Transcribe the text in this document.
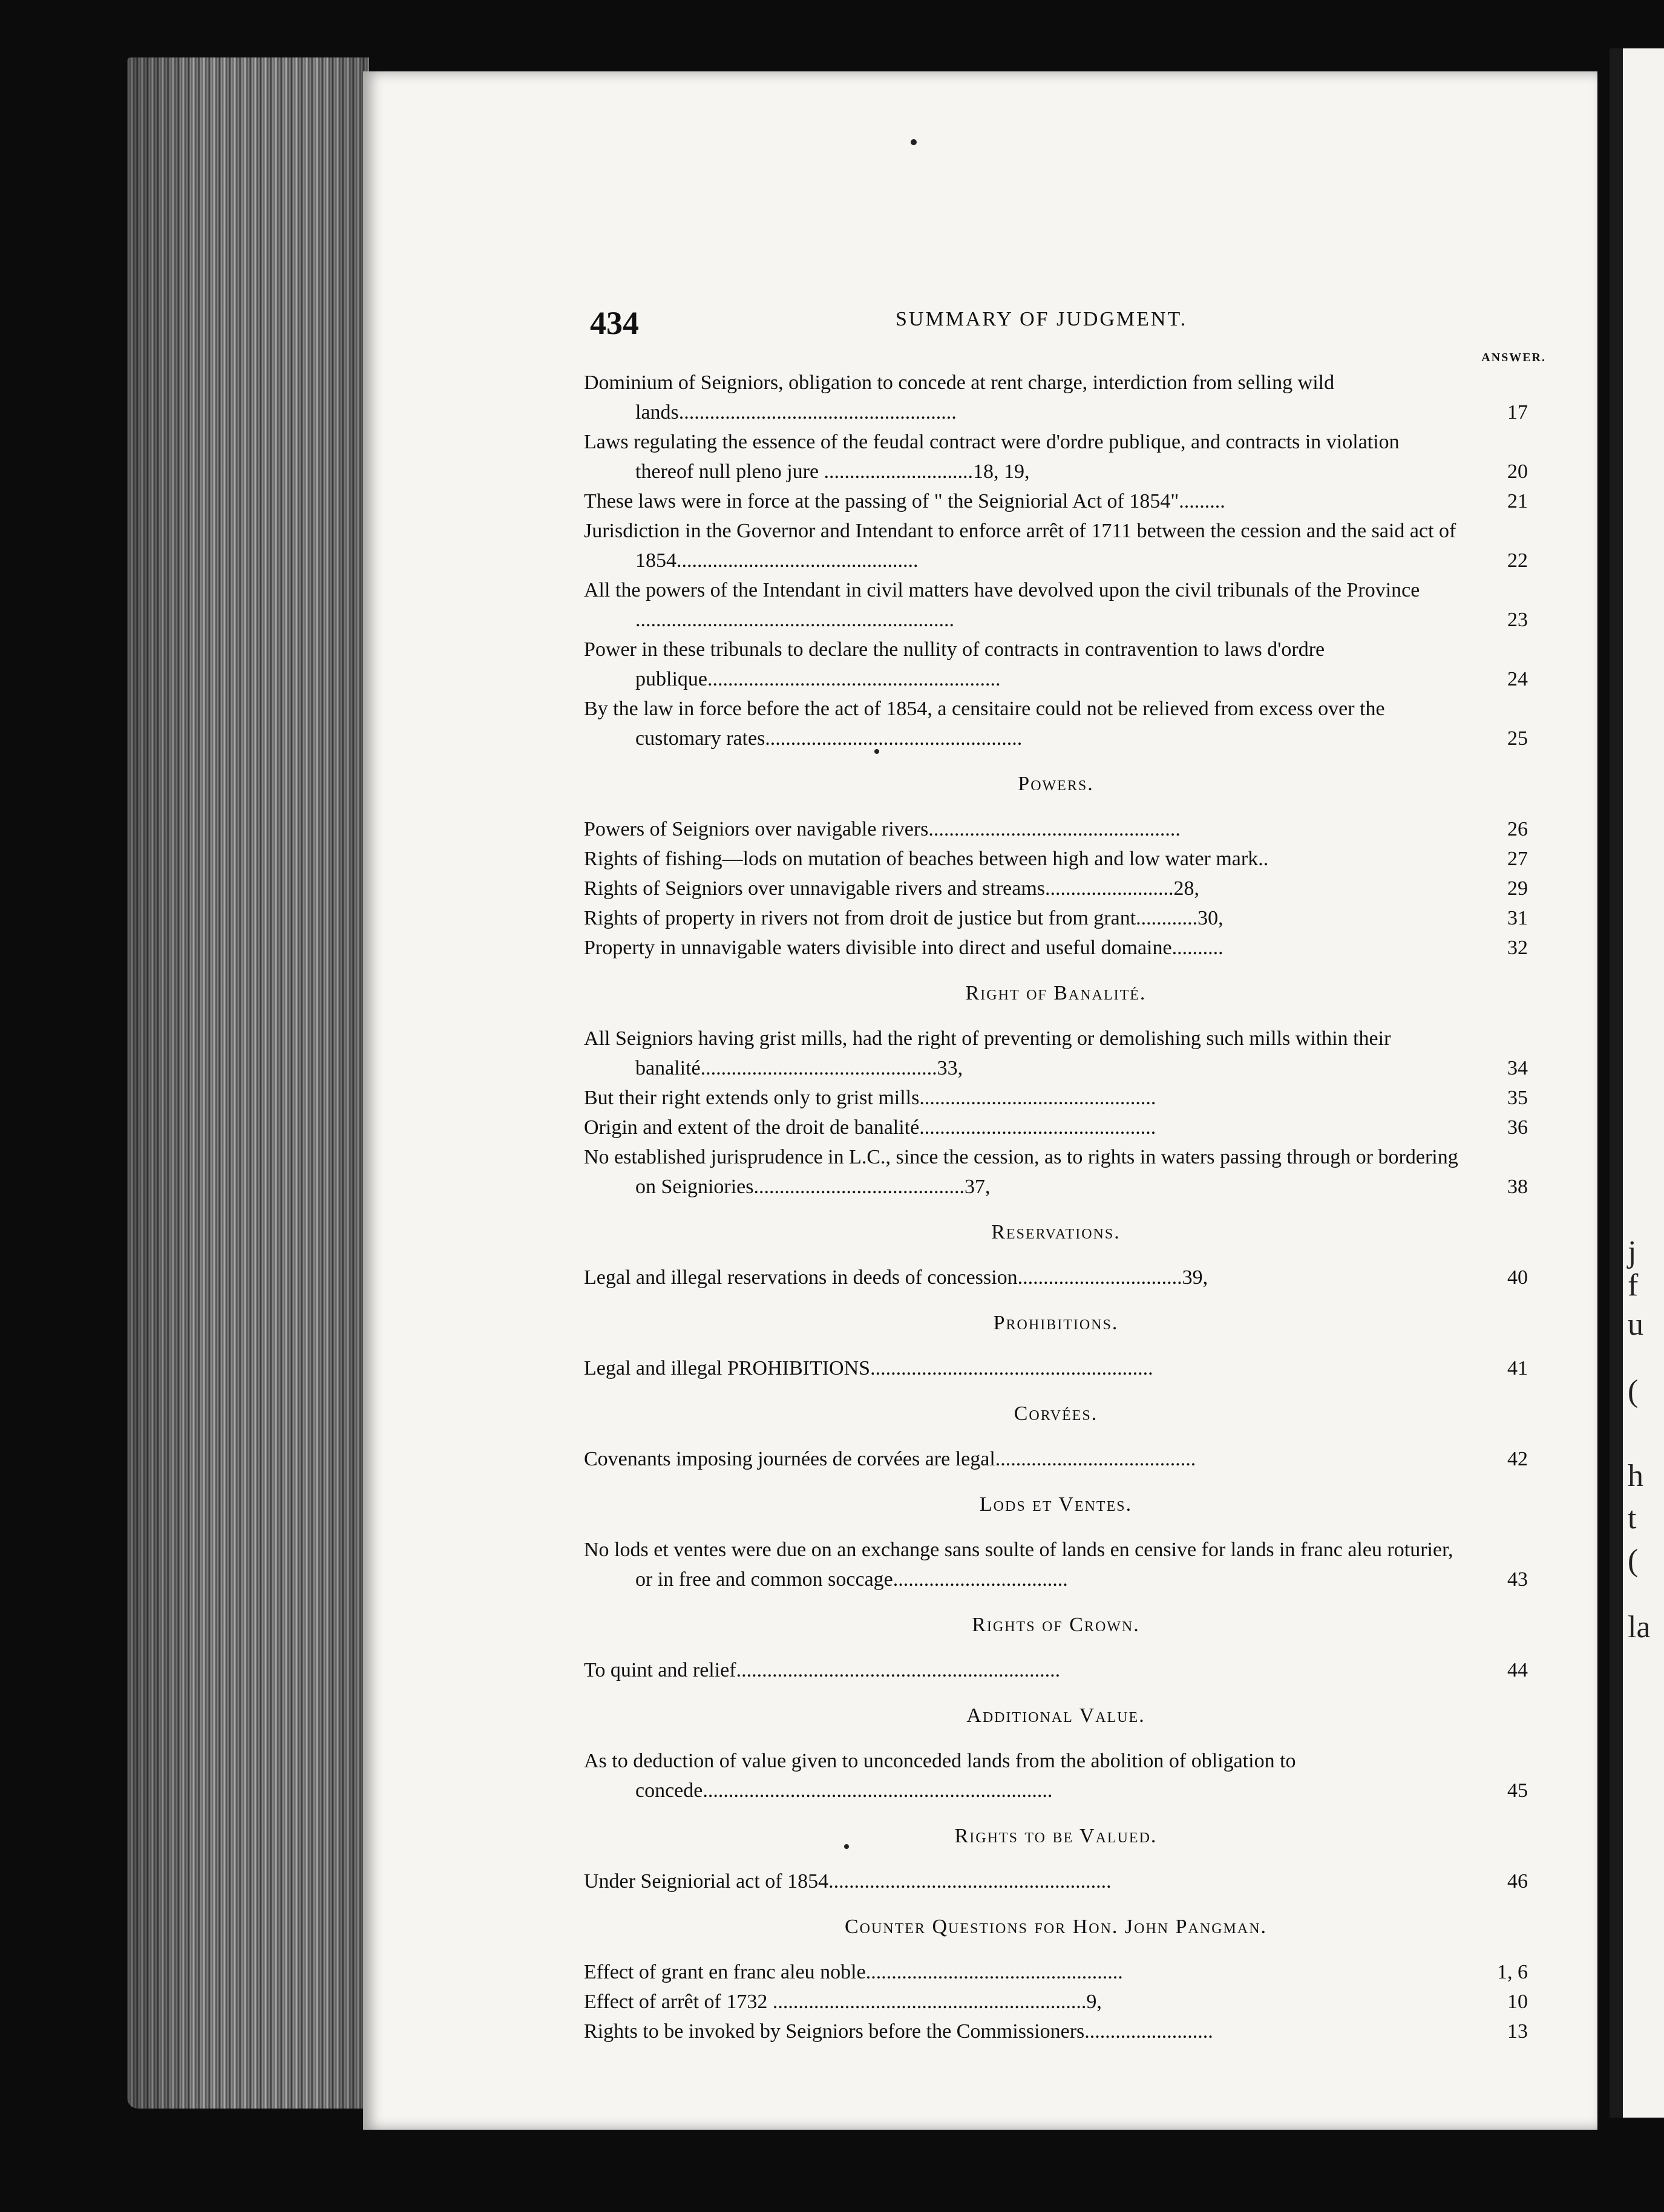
434	SUMMARY OF JUDGMENT.
ANSWER.
Dominium of Seigniors, obligation to concede at rent charge, interdiction from selling wild lands......................................................	17
Laws regulating the essence of the feudal contract were d'ordre publique, and contracts in violation thereof null pleno jure .............................18, 19,	20
These laws were in force at the passing of " the Seigniorial Act of 1854".........	21
Jurisdiction in the Governor and Intendant to enforce arrêt of 1711 between the cession and the said act of 1854...............................................	22
All the powers of the Intendant in civil matters have devolved upon the civil tribunals of the Province ..............................................................	23
Power in these tribunals to declare the nullity of contracts in contravention to laws d'ordre publique.........................................................	24
By the law in force before the act of 1854, a censitaire could not be relieved from excess over the customary rates..................................................	25
Powers.
Powers of Seigniors over navigable rivers.................................................	26
Rights of fishing—lods on mutation of beaches between high and low water mark..	27
Rights of Seigniors over unnavigable rivers and streams.........................28,	29
Rights of property in rivers not from droit de justice but from grant............30,	31
Property in unnavigable waters divisible into direct and useful domaine..........	32
Right of Banalité.
All Seigniors having grist mills, had the right of preventing or demolishing such mills within their banalité..............................................33,	34
But their right extends only to grist mills..............................................	35
Origin and extent of the droit de banalité..............................................	36
No established jurisprudence in L.C., since the cession, as to rights in waters passing through or bordering on Seigniories.........................................37,	38
Reservations.
Legal and illegal reservations in deeds of concession................................39,	40
Prohibitions.
Legal and illegal PROHIBITIONS.......................................................	41
Corvées.
Covenants imposing journées de corvées are legal.......................................	42
Lods et Ventes.
No lods et ventes were due on an exchange sans soulte of lands en censive for lands in franc aleu roturier, or in free and common soccage..................................	43
Rights of Crown.
To quint and relief...............................................................	44
Additional Value.
As to deduction of value given to unconceded lands from the abolition of obligation to concede....................................................................	45
Rights to be Valued.
Under Seigniorial act of 1854.......................................................	46
Counter Questions for Hon. John Pangman.
Effect of grant en franc aleu noble..................................................	1, 6
Effect of arrêt of 1732 .............................................................9,	10
Rights to be invoked by Seigniors before the Commissioners.........................	13
j
f
u
(
h
t
(
la
